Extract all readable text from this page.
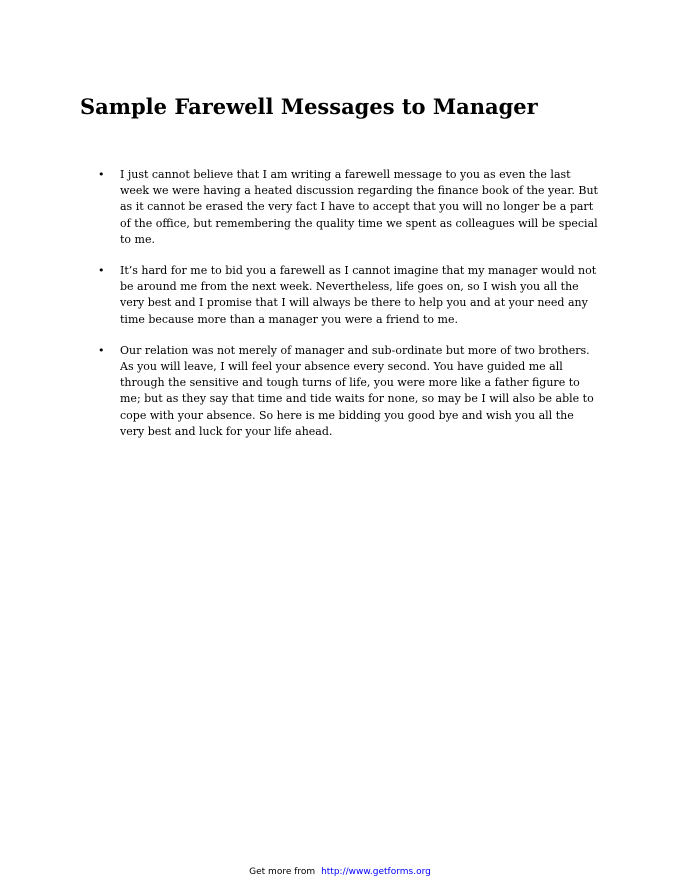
Sample Farewell Messages to Manager
• I just cannot believe that I am writing a farewell message to you as even the last week we were having a heated discussion regarding the finance book of the year. But as it cannot be erased the very fact I have to accept that you will no longer be a part of the office, but remembering the quality time we spent as colleagues will be special to me.
• It’s hard for me to bid you a farewell as I cannot imagine that my manager would not be around me from the next week. Nevertheless, life goes on, so I wish you all the very best and I promise that I will always be there to help you and at your need any time because more than a manager you were a friend to me.
• Our relation was not merely of manager and sub-ordinate but more of two brothers. As you will leave, I will feel your absence every second. You have guided me all through the sensitive and tough turns of life, you were more like a father figure to me; but as they say that time and tide waits for none, so may be I will also be able to cope with your absence. So here is me bidding you good bye and wish you all the very best and luck for your life ahead.
Get more from http://www.getforms.org
